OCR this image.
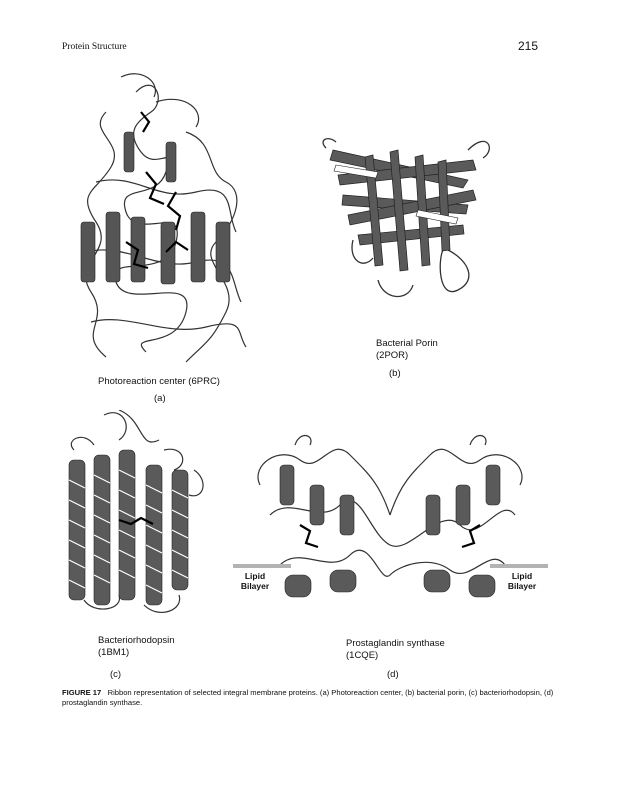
Protein Structure	215
Photoreaction center (6PRC)
(a)
Bacterial Porin
(2POR)
(b)
Bacteriorhodopsin
(1BM1)
(c)
Lipid
Bilayer
Lipid
Bilayer
Prostaglandin synthase
(1CQE)
(d)
FIGURE 17 Ribbon representation of selected integral membrane proteins. (a) Photoreaction center, (b) bacterial porin, (c) bacteriorhodopsin, (d) prostaglandin synthase.
